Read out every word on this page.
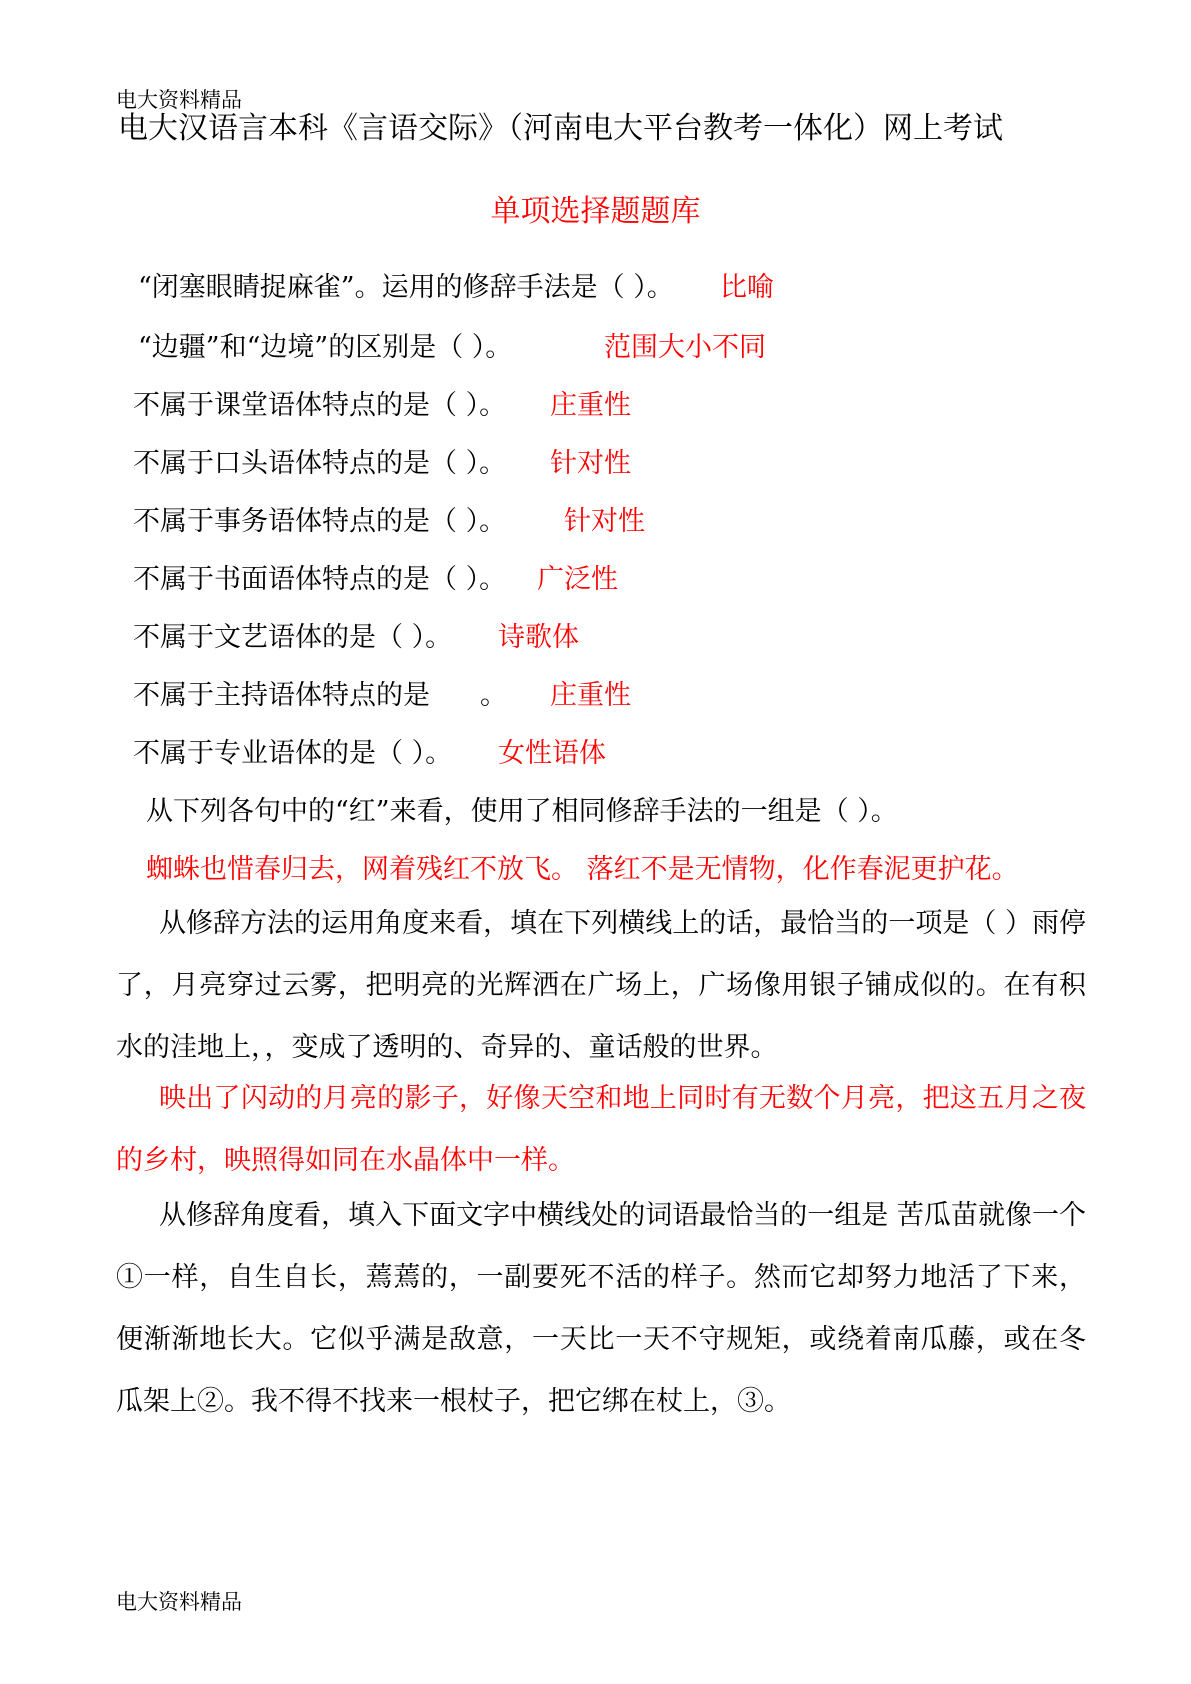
电大资料精品
电大汉语言本科《言语交际》（河南电大平台教考一体化）网上考试
单项选择题题库
“闭塞眼睛捉麻雀”。运用的修辞手法是（ ）。 比喻
“边疆”和“边境”的区别是（ ）。	范围大小不同
不属于课堂语体特点的是（ ）。 庄重性
不属于口头语体特点的是（ ）。 针对性
不属于事务语体特点的是（ ）。 针对性
不属于书面语体特点的是（ ）。 广泛性
不属于文艺语体的是（ ）。 诗歌体
不属于主持语体特点的是 。 庄重性
不属于专业语体的是（ ）。 女性语体
从下列各句中的“红”来看，使用了相同修辞手法的一组是（ ）。
蜘蛛也惜春归去，网着残红不放飞。 落红不是无情物，化作春泥更护花。
从修辞方法的运用角度来看，填在下列横线上的话，最恰当的一项是（ ）雨停了，月亮穿过云雾，把明亮的光辉洒在广场上，广场像用银子铺成似的。在有积水的洼地上，，变成了透明的、奇异的、童话般的世界。
映出了闪动的月亮的影子，好像天空和地上同时有无数个月亮，把这五月之夜的乡村，映照得如同在水晶体中一样。
从修辞角度看，填入下面文字中横线处的词语最恰当的一组是 苦瓜苗就像一个①一样，自生自长，蔫蔫的，一副要死不活的样子。然而它却努力地活了下来，便渐渐地长大。它似乎满是敌意，一天比一天不守规矩，或绕着南瓜藤，或在冬瓜架上②。我不得不找来一根杖子，把它绑在杖上，③。
电大资料精品
